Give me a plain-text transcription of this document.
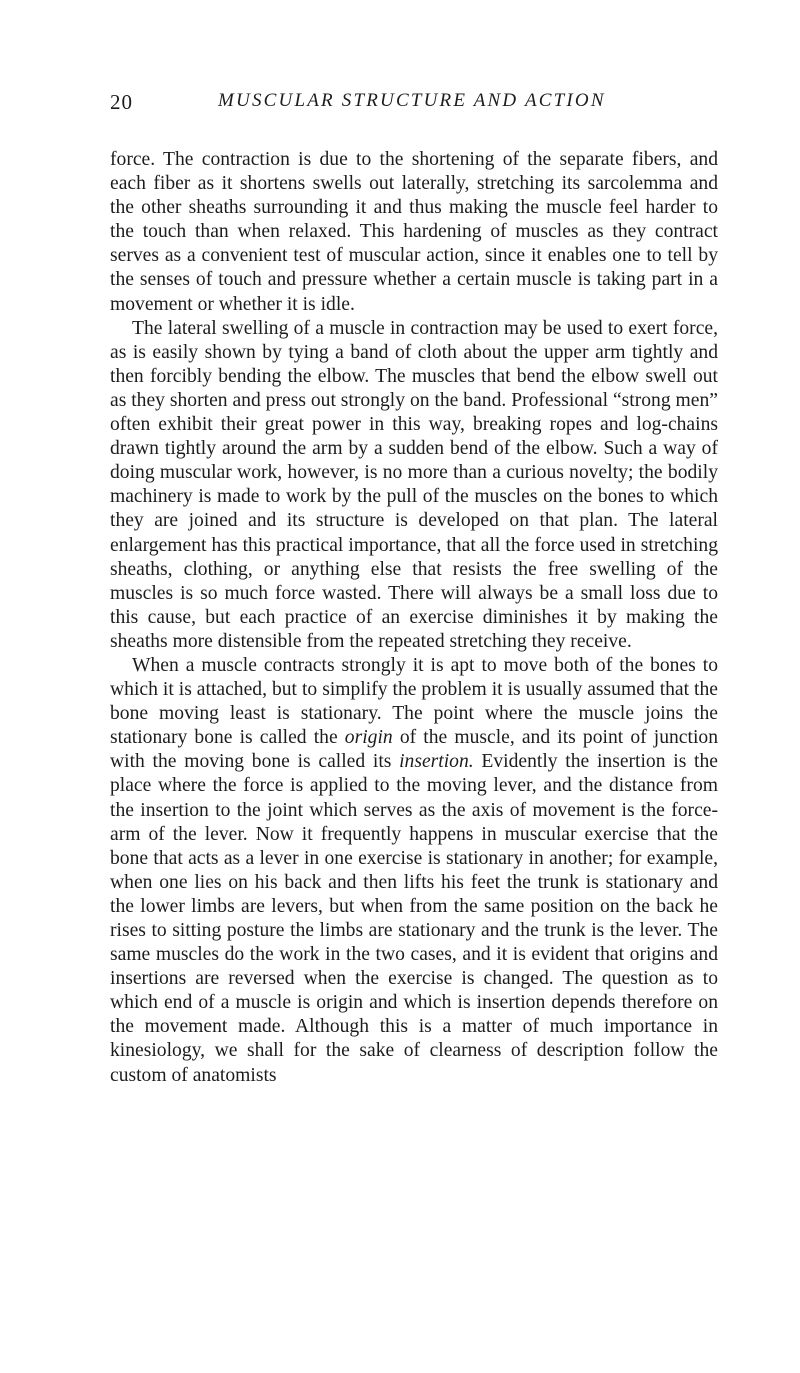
20	MUSCULAR STRUCTURE AND ACTION

force. The contraction is due to the shortening of the separate fibers, and each fiber as it shortens swells out laterally, stretching its sarcolemma and the other sheaths surrounding it and thus making the muscle feel harder to the touch than when relaxed. This hardening of muscles as they contract serves as a convenient test of muscular action, since it enables one to tell by the senses of touch and pressure whether a certain muscle is taking part in a movement or whether it is idle.

The lateral swelling of a muscle in contraction may be used to exert force, as is easily shown by tying a band of cloth about the upper arm tightly and then forcibly bending the elbow. The muscles that bend the elbow swell out as they shorten and press out strongly on the band. Professional “strong men” often exhibit their great power in this way, breaking ropes and log-chains drawn tightly around the arm by a sudden bend of the elbow. Such a way of doing muscular work, however, is no more than a curious novelty; the bodily machinery is made to work by the pull of the muscles on the bones to which they are joined and its structure is developed on that plan. The lateral enlargement has this practical importance, that all the force used in stretching sheaths, clothing, or anything else that resists the free swelling of the muscles is so much force wasted. There will always be a small loss due to this cause, but each practice of an exercise diminishes it by making the sheaths more distensible from the repeated stretching they receive.

When a muscle contracts strongly it is apt to move both of the bones to which it is attached, but to simplify the problem it is usually assumed that the bone moving least is stationary. The point where the muscle joins the stationary bone is called the origin of the muscle, and its point of junction with the moving bone is called its insertion. Evidently the insertion is the place where the force is applied to the moving lever, and the distance from the insertion to the joint which serves as the axis of movement is the force-arm of the lever. Now it frequently happens in muscular exercise that the bone that acts as a lever in one exercise is stationary in another; for example, when one lies on his back and then lifts his feet the trunk is stationary and the lower limbs are levers, but when from the same position on the back he rises to sitting posture the limbs are stationary and the trunk is the lever. The same muscles do the work in the two cases, and it is evident that origins and insertions are reversed when the exercise is changed. The question as to which end of a muscle is origin and which is insertion depends therefore on the movement made. Although this is a matter of much importance in kinesiology, we shall for the sake of clearness of description follow the custom of anatomists
